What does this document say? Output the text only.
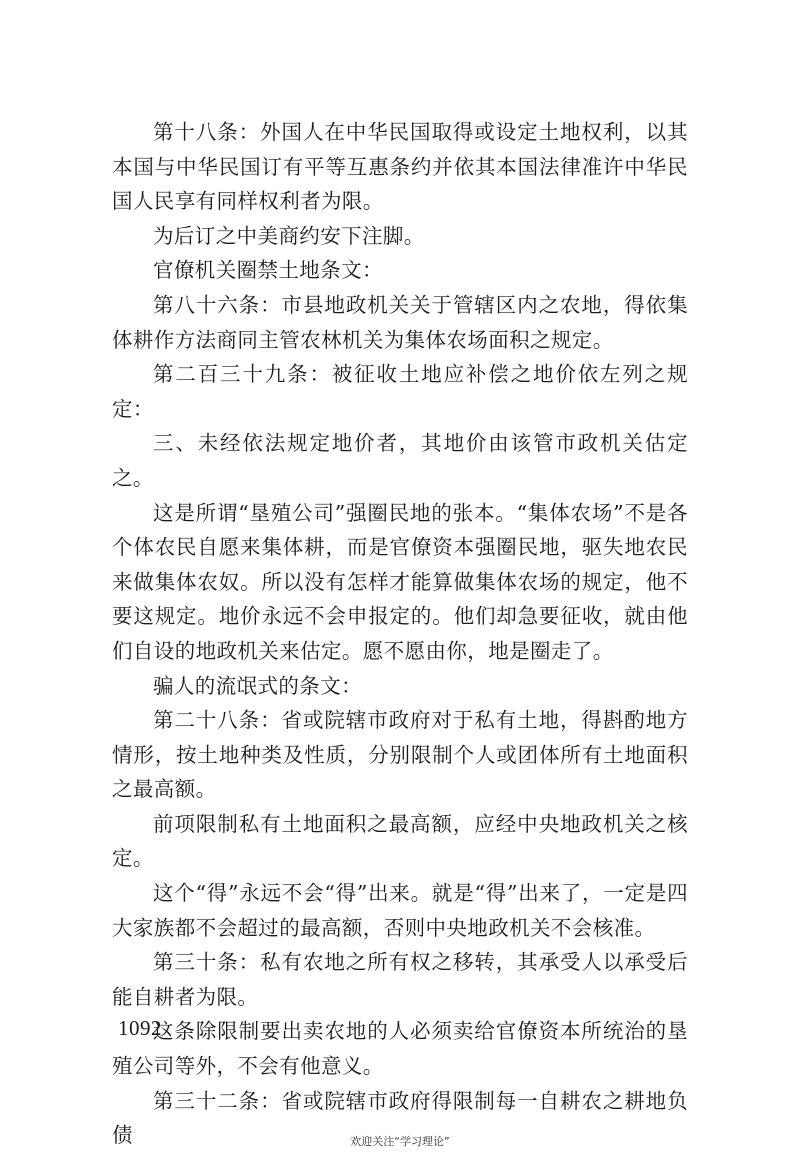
第十八条：外国人在中华民国取得或设定土地权利，以其本国与中华民国订有平等互惠条约并依其本国法律准许中华民国人民享有同样权利者为限。

为后订之中美商约安下注脚。

官僚机关圈禁土地条文：

第八十六条：市县地政机关关于管辖区内之农地，得依集体耕作方法商同主管农林机关为集体农场面积之规定。

第二百三十九条：被征收土地应补偿之地价依左列之规定：

三、未经依法规定地价者，其地价由该管市政机关估定之。

这是所谓“垦殖公司”强圈民地的张本。“集体农场”不是各个体农民自愿来集体耕，而是官僚资本强圈民地，驱失地农民来做集体农奴。所以没有怎样才能算做集体农场的规定，他不要这规定。地价永远不会申报定的。他们却急要征收，就由他们自设的地政机关来估定。愿不愿由你，地是圈走了。

骗人的流氓式的条文：

第二十八条：省或院辖市政府对于私有土地，得斟酌地方情形，按土地种类及性质，分别限制个人或团体所有土地面积之最高额。

前项限制私有土地面积之最高额，应经中央地政机关之核定。

这个“得”永远不会“得”出来。就是“得”出来了，一定是四大家族都不会超过的最高额，否则中央地政机关不会核准。

第三十条：私有农地之所有权之移转，其承受人以承受后能自耕者为限。

这条除限制要出卖农地的人必须卖给官僚资本所统治的垦殖公司等外，不会有他意义。

第三十二条：省或院辖市政府得限制每一自耕农之耕地负债

1092
欢迎关注“学习理论”
